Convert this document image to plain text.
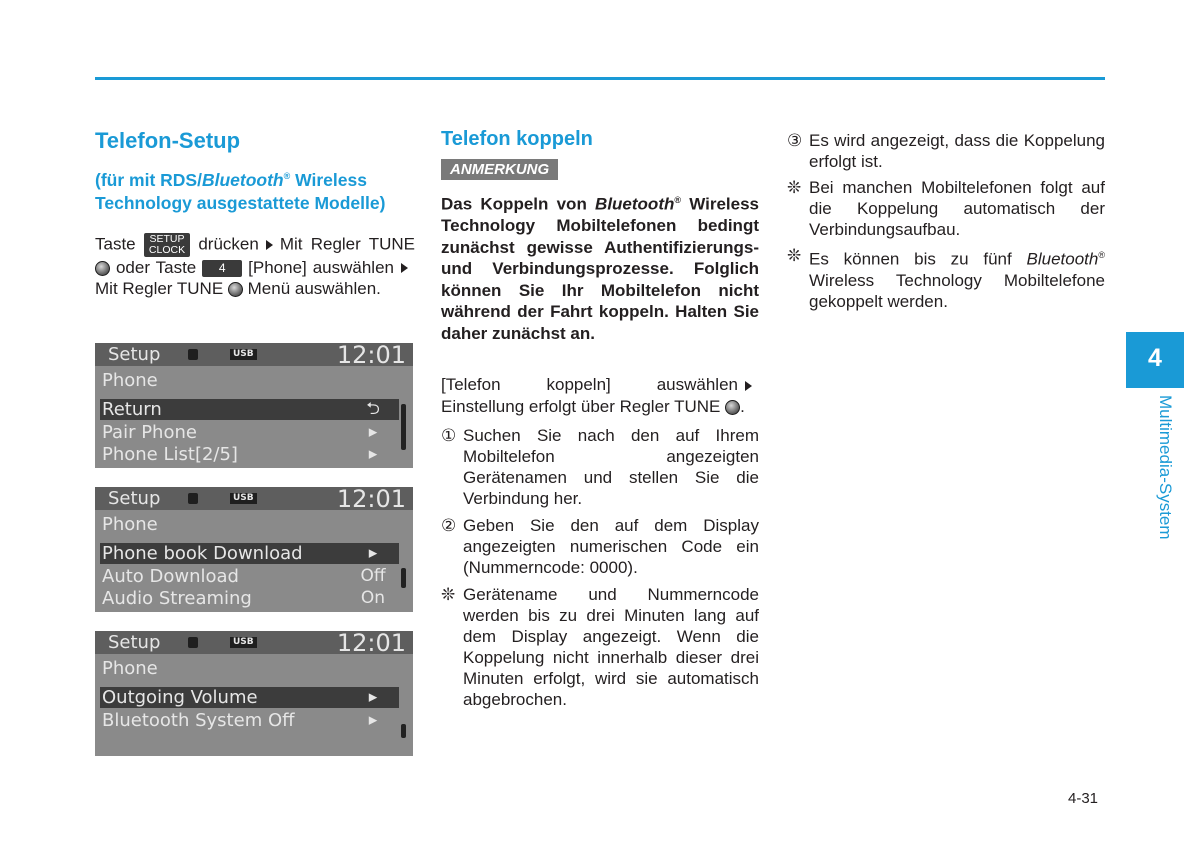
Telefon-Setup
(für mit RDS/Bluetooth® Wireless Technology ausgestattete Modelle)

Taste SETUP
CLOCK drücken Mit Regler TUNE  oder Taste 4 [Phone] auswählenMit Regler TUNE Menü auswählen.

Setup	USB	12:01
Phone
Return	⮌
Pair Phone	▸
Phone List[2/5]	▸
Setup	USB	12:01
Phone
Phone book Download	▸
Auto Download	Off
Audio Streaming	On
Setup	USB	12:01
Phone
Outgoing Volume	▸
Bluetooth System Off	▸
Telefon koppeln
ANMERKUNG

Das Koppeln von Bluetooth® Wireless Technology Mobiltelefonen bedingt zunächst gewisse Authentifizierungs- und Verbindungsprozesse. Folglich können Sie Ihr Mobiltelefon nicht während der Fahrt koppeln. Halten Sie daher zunächst an.

[Telefon koppeln] auswählenEinstellung erfolgt über Regler TUNE .

① Suchen Sie nach den auf Ihrem Mobiltelefon angezeigten Gerätenamen und stellen Sie die Verbindung her.
② Geben Sie den auf dem Display angezeigten numerischen Code ein (Nummerncode: 0000).
❊ Gerätename und Nummerncode werden bis zu drei Minuten lang auf dem Display angezeigt. Wenn die Koppelung nicht innerhalb dieser drei Minuten erfolgt, wird sie automatisch abgebrochen.
③ Es wird angezeigt, dass die Koppelung erfolgt ist.
❊ Bei manchen Mobiltelefonen folgt auf die Koppelung automatisch der Verbindungsaufbau.
❊ Es können bis zu fünf Bluetooth® Wireless Technology Mobiltelefone gekoppelt werden.
4
Multimedia-System
4-31
